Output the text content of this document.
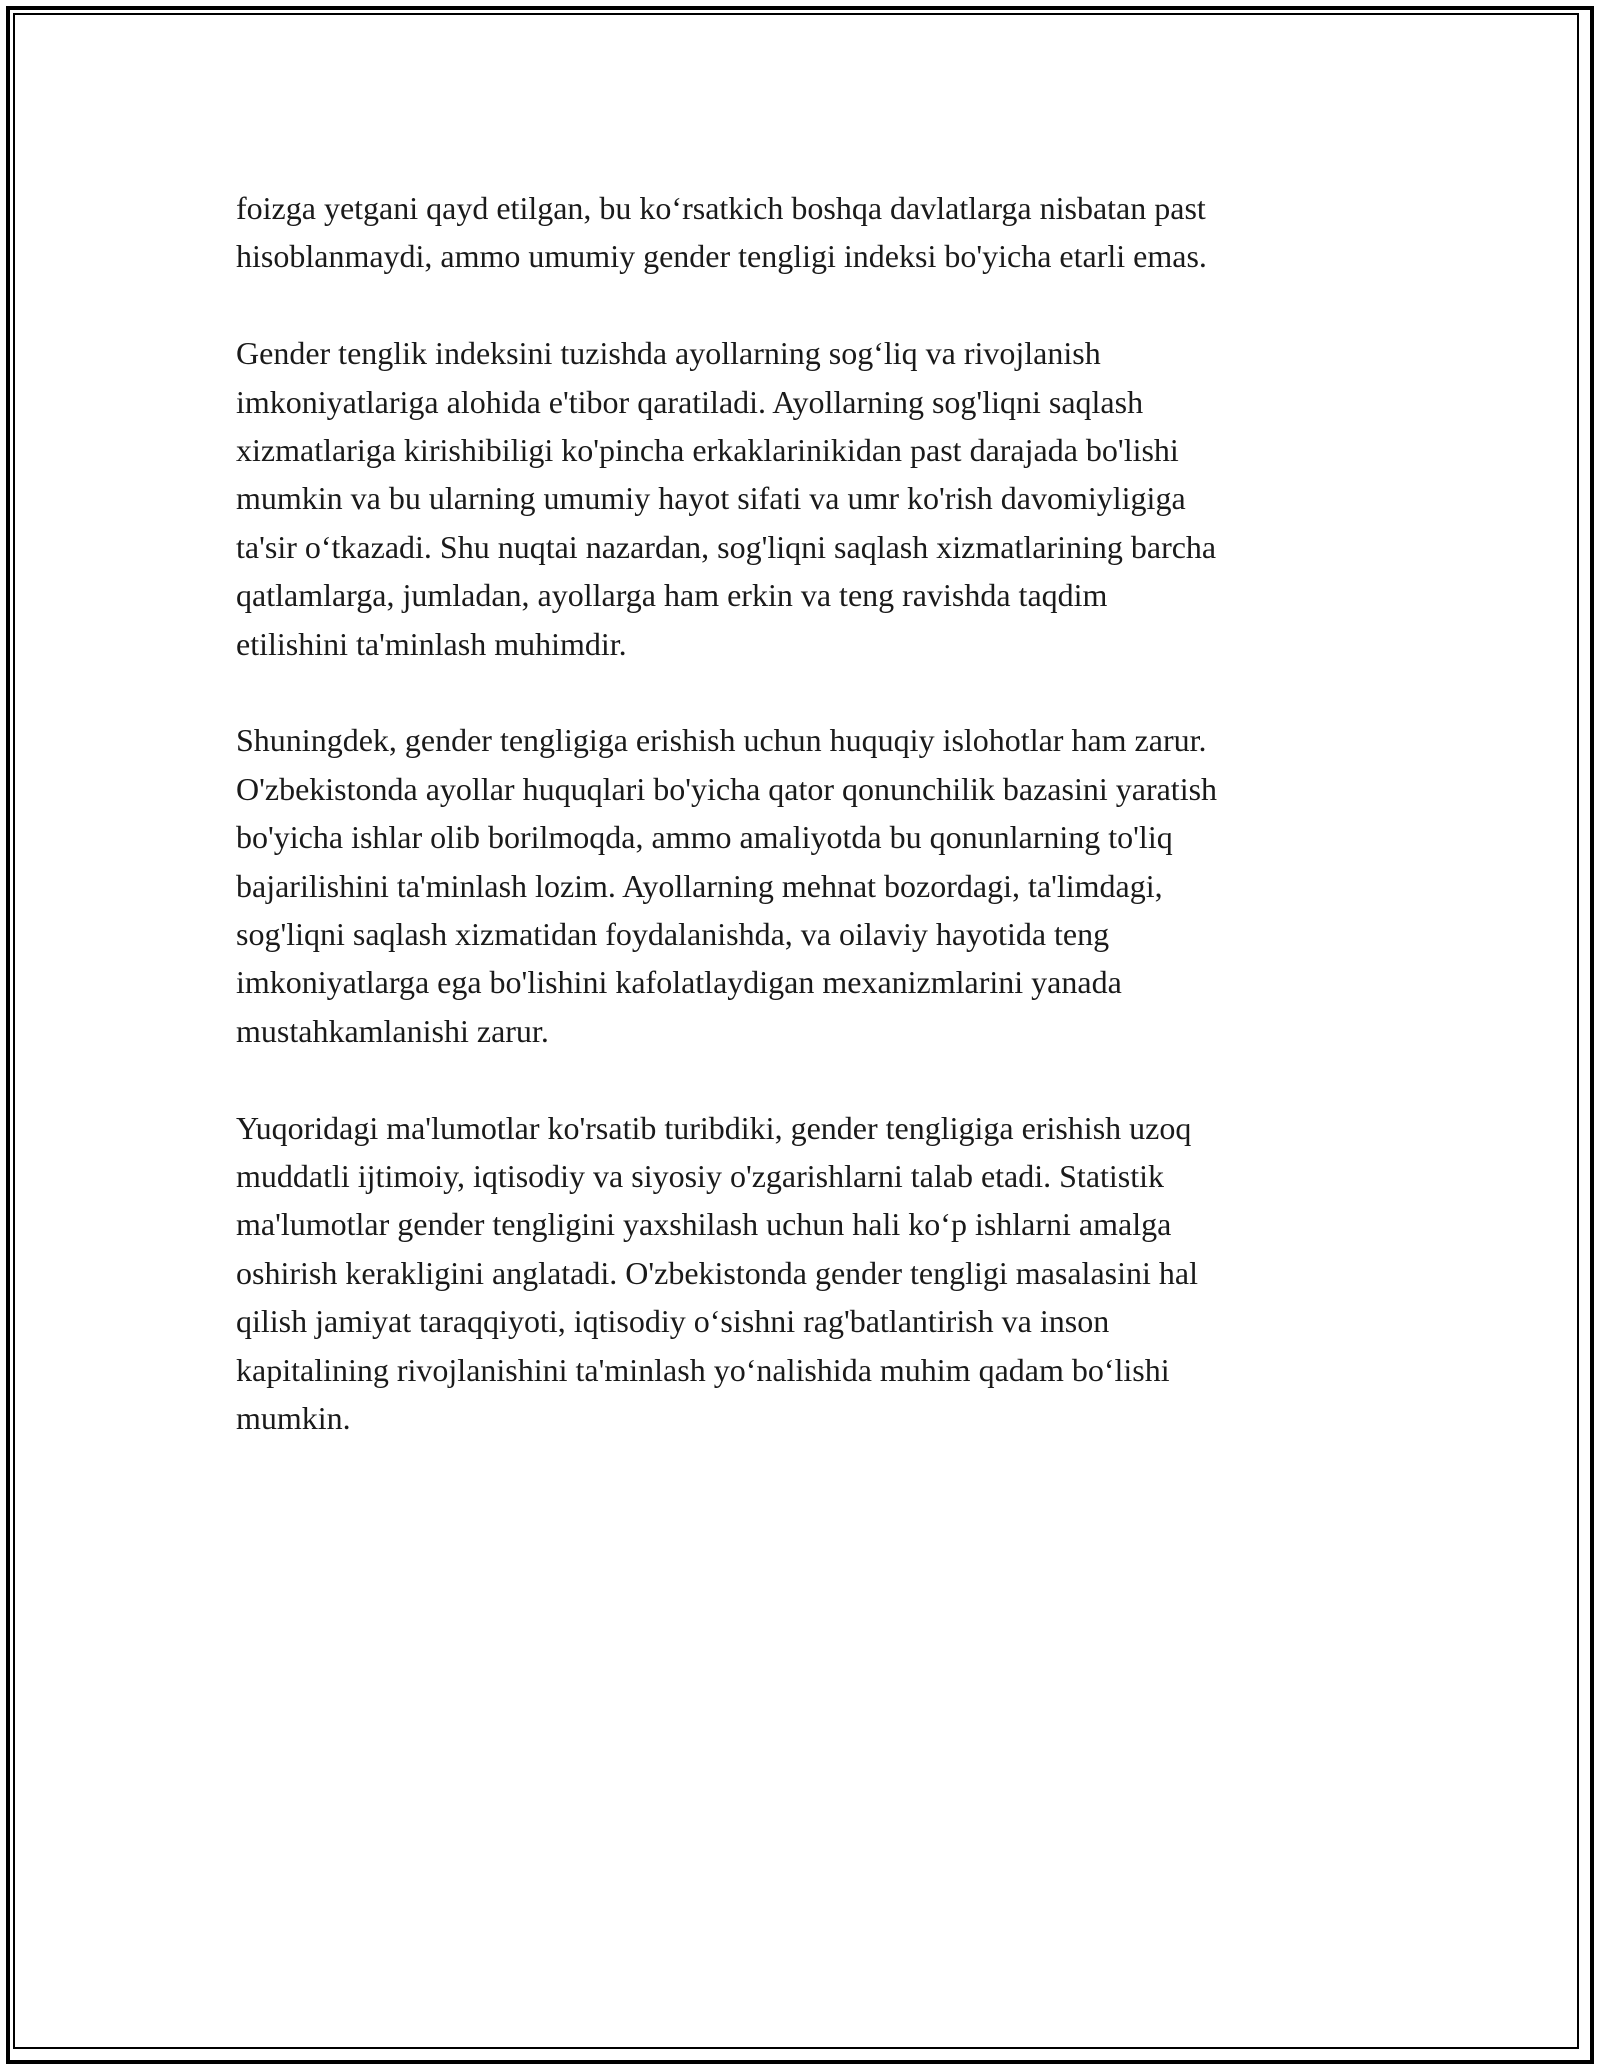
foizga yetgani qayd etilgan, bu ko‘rsatkich boshqa davlatlarga nisbatan past
hisoblanmaydi, ammo umumiy gender tengligi indeksi bo'yicha etarli emas.

Gender tenglik indeksini tuzishda ayollarning sog‘liq va rivojlanish
imkoniyatlariga alohida e'tibor qaratiladi. Ayollarning sog'liqni saqlash
xizmatlariga kirishibiligi ko'pincha erkaklarinikidan past darajada bo'lishi
mumkin va bu ularning umumiy hayot sifati va umr ko'rish davomiyligiga
ta'sir o‘tkazadi. Shu nuqtai nazardan, sog'liqni saqlash xizmatlarining barcha
qatlamlarga, jumladan, ayollarga ham erkin va teng ravishda taqdim
etilishini ta'minlash muhimdir.

Shuningdek, gender tengligiga erishish uchun huquqiy islohotlar ham zarur.
O'zbekistonda ayollar huquqlari bo'yicha qator qonunchilik bazasini yaratish
bo'yicha ishlar olib borilmoqda, ammo amaliyotda bu qonunlarning to'liq
bajarilishini ta'minlash lozim. Ayollarning mehnat bozordagi, ta'limdagi,
sog'liqni saqlash xizmatidan foydalanishda, va oilaviy hayotida teng
imkoniyatlarga ega bo'lishini kafolatlaydigan mexanizmlarini yanada
mustahkamlanishi zarur.

Yuqoridagi ma'lumotlar ko'rsatib turibdiki, gender tengligiga erishish uzoq
muddatli ijtimoiy, iqtisodiy va siyosiy o'zgarishlarni talab etadi. Statistik
ma'lumotlar gender tengligini yaxshilash uchun hali ko‘p ishlarni amalga
oshirish kerakligini anglatadi. O'zbekistonda gender tengligi masalasini hal
qilish jamiyat taraqqiyoti, iqtisodiy o‘sishni rag'batlantirish va inson
kapitalining rivojlanishini ta'minlash yo‘nalishida muhim qadam bo‘lishi
mumkin.
